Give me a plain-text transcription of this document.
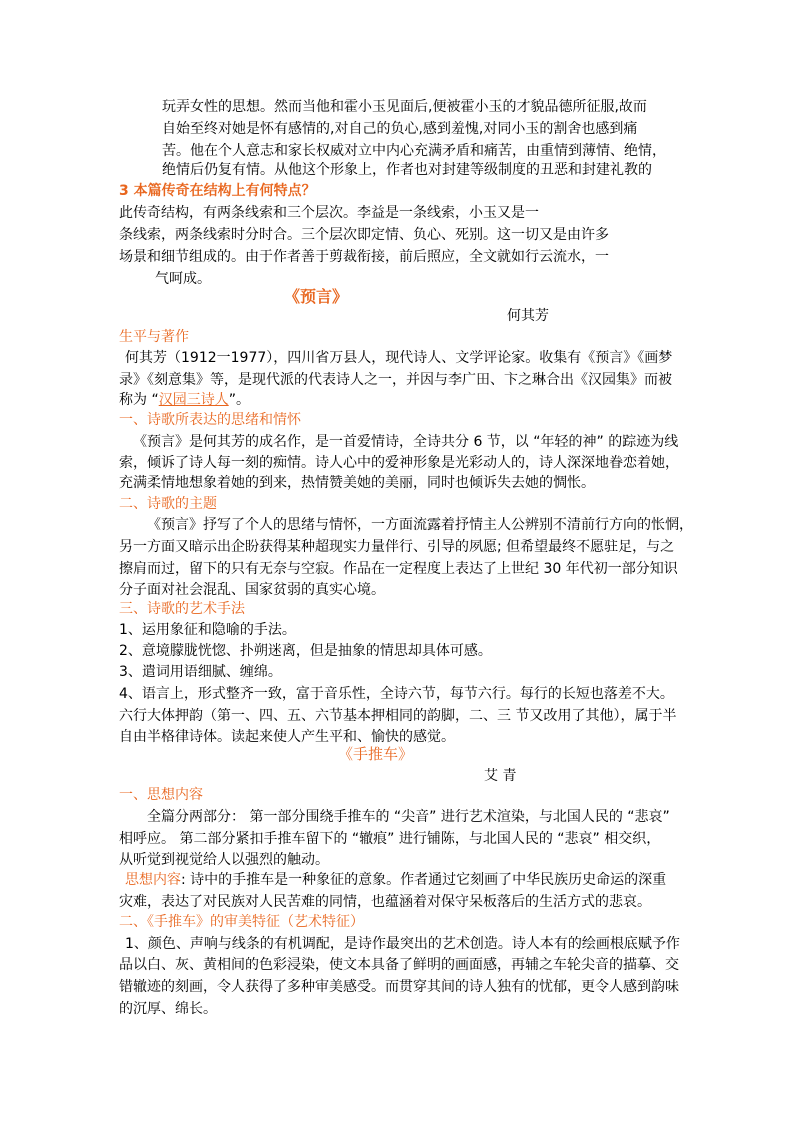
玩弄女性的思想。然而当他和霍小玉见面后,便被霍小玉的才貌品德所征服,故而
自始至终对她是怀有感情的,对自己的负心,感到羞愧,对同小玉的割舍也感到痛
苦。他在个人意志和家长权威对立中内心充满矛盾和痛苦，由重情到薄情、绝情，
绝情后仍复有情。从他这个形象上，作者也对封建等级制度的丑恶和封建礼教的
3 本篇传奇在结构上有何特点？
此传奇结构，有两条线索和三个层次。李益是一条线索，小玉又是一
条线索，两条线索时分时合。三个层次即定情、负心、死别。这一切又是由许多
场景和细节组成的。由于作者善于剪裁衔接，前后照应，全文就如行云流水，一
气呵成。
《预言》
何其芳
生平与著作
何其芳（1912一1977），四川省万县人，现代诗人、文学评论家。收集有《预言》《画梦
录》《刻意集》等，是现代派的代表诗人之一，并因与李广田、卞之琳合出《汉园集》而被
称为 “汉园三诗人”。
一、诗歌所表达的思绪和情怀
《预言》是何其芳的成名作，是一首爱情诗，全诗共分 6 节，以 “年轻的神” 的踪迹为线
索，倾诉了诗人每一刻的痴情。诗人心中的爱神形象是光彩动人的，诗人深深地眷恋着她，
充满柔情地想象着她的到来，热情赞美她的美丽，同时也倾诉失去她的惆怅。
二、诗歌的主题
《预言》抒写了个人的思绪与情怀，一方面流露着抒情主人公辨别不清前行方向的怅惘，
另一方面又暗示出企盼获得某种超现实力量伴行、引导的夙愿; 但希望最终不愿驻足，与之
擦肩而过，留下的只有无奈与空寂。作品在一定程度上表达了上世纪 30 年代初一部分知识
分子面对社会混乱、国家贫弱的真实心境。
三、诗歌的艺术手法
1、运用象征和隐喻的手法。
2、意境朦胧恍惚、扑朔迷离，但是抽象的情思却具体可感。
3、遣词用语细腻、缠绵。
4、语言上，形式整齐一致，富于音乐性，全诗六节，每节六行。每行的长短也落差不大。
六行大体押韵（第一、四、五、六节基本押相同的韵脚，二、三 节又改用了其他），属于半
自由半格律诗体。读起来使人产生平和、愉快的感觉。
《手推车》
艾 青
一、思想内容
全篇分两部分： 第一部分围绕手推车的 “尖音” 进行艺术渲染，与北国人民的 “悲哀”
相呼应。 第二部分紧扣手推车留下的 “辙痕” 进行铺陈，与北国人民的 “悲哀” 相交织，
从听觉到视觉给人以强烈的触动。
思想内容: 诗中的手推车是一种象征的意象。作者通过它刻画了中华民族历史命运的深重
灾难，表达了对民族对人民苦难的同情，也蕴涵着对保守呆板落后的生活方式的悲哀。
二、《手推车》的审美特征（艺术特征）
1、颜色、声响与线条的有机调配，是诗作最突出的艺术创造。诗人本有的绘画根底赋予作
品以白、灰、黄相间的色彩浸染，使文本具备了鲜明的画面感，再辅之车轮尖音的描摹、交
错辙迹的刻画，令人获得了多种审美感受。而贯穿其间的诗人独有的忧郁，更令人感到韵味
的沉厚、绵长。
